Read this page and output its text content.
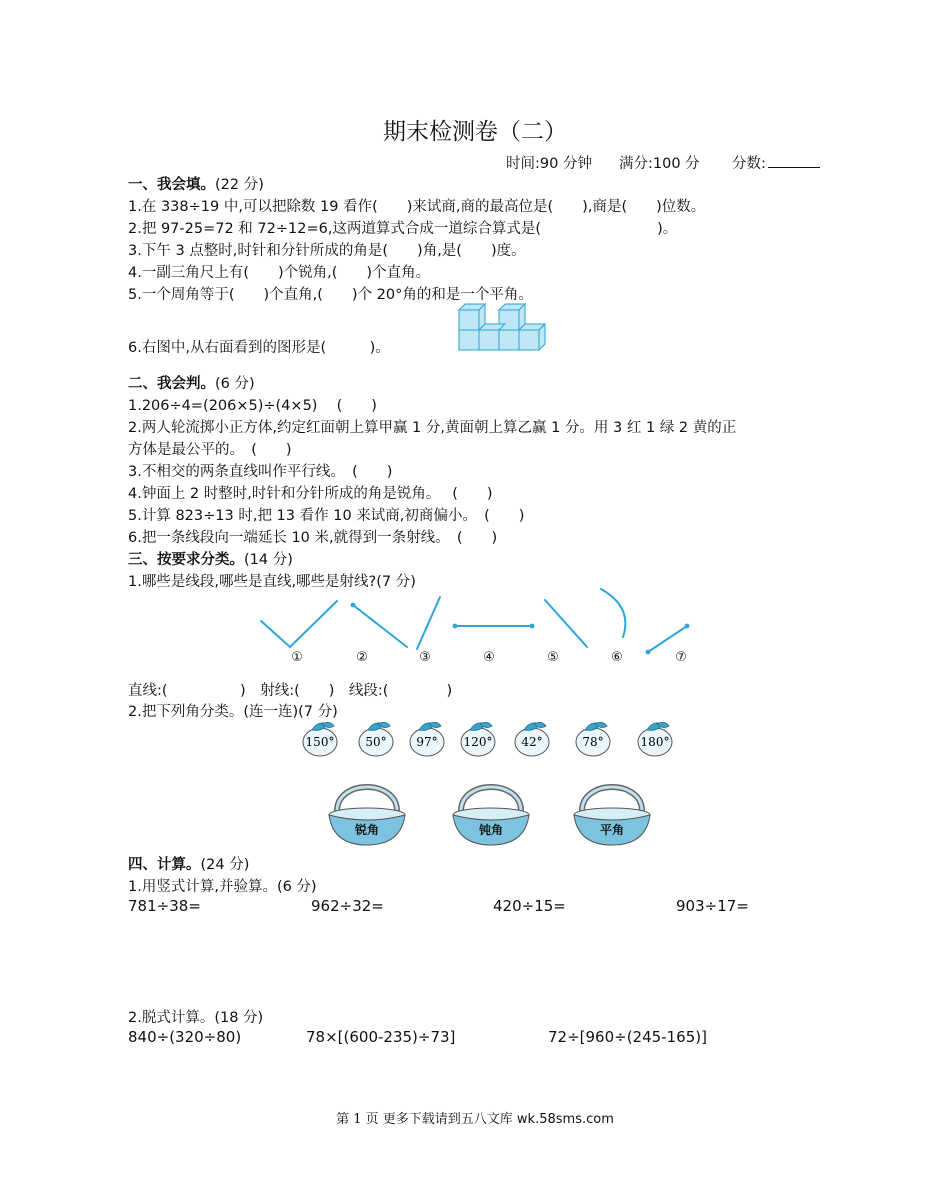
期末检测卷（二）
时间:90 分钟 满分:100 分 分数:
一、我会填。(22 分)
1.在 338÷19 中,可以把除数 19 看作(　　)来试商,商的最高位是(　　),商是(　　)位数。
2.把 97-25=72 和 72÷12=6,这两道算式合成一道综合算式是(　　　　　　　　)。
3.下午 3 点整时,时针和分针所成的角是(　　)角,是(　　)度。
4.一副三角尺上有(　　)个锐角,(　　)个直角。
5.一个周角等于(　　)个直角,(　　)个 20°角的和是一个平角。
6.右图中,从右面看到的图形是(　　　)。
二、我会判。(6 分)
1.206÷4=(206×5)÷(4×5)　 (　　)
2.两人轮流掷小正方体,约定红面朝上算甲赢 1 分,黄面朝上算乙赢 1 分。用 3 红 1 绿 2 黄的正
方体是最公平的。　(　　)
3.不相交的两条直线叫作平行线。　(　　)
4.钟面上 2 时整时,时针和分针所成的角是锐角。　 (　　)
5.计算 823÷13 时,把 13 看作 10 来试商,初商偏小。　(　　)
6.把一条线段向一端延长 10 米,就得到一条射线。　(　　)
三、按要求分类。(14 分)
1.哪些是线段,哪些是直线,哪些是射线?(7 分)
①	②	③	④	⑤	⑥	⑦
直线:(　　　　　)　射线:(　　)　线段:(　　　　)
2.把下列角分类。(连一连)(7 分)
150°	50° 97° 120° 42°	78°	180°
锐角	钝角	平角
四、计算。(24 分)
1.用竖式计算,并验算。(6 分)
781÷38=	962÷32=	420÷15=	903÷17=
2.脱式计算。(18 分)
840÷(320÷80)	78×[(600-235)÷73]	72÷[960÷(245-165)]
第 1 页 更多下载请到五八文库 wk.58sms.com
